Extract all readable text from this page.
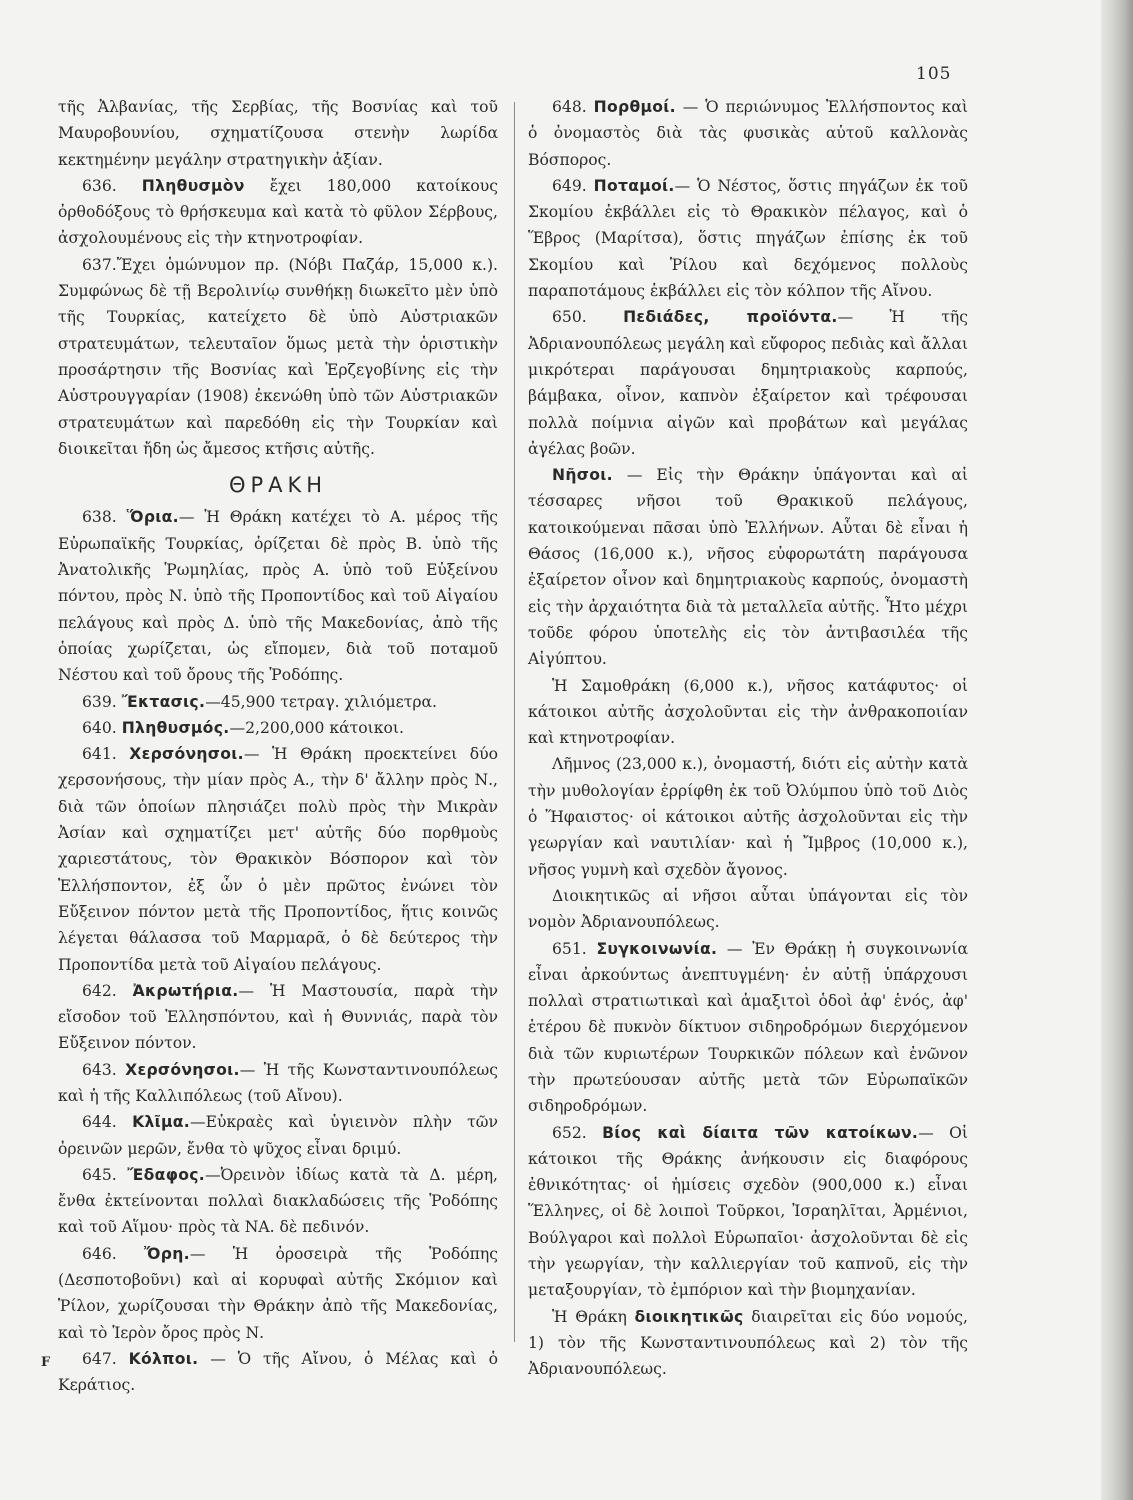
105
F

τῆς Ἀλβανίας, τῆς Σερβίας, τῆς Βοσνίας καὶ τοῦ Μαυροβουνίου, σχηματίζουσα στενὴν λωρίδα κεκτημένην μεγάλην στρατηγικὴν ἀξίαν.

636. Πληθυσμὸν ἔχει 180,000 κατοίκους ὀρθοδόξους τὸ θρήσκευμα καὶ κατὰ τὸ φῦλον Σέρβους, ἀσχολουμένους εἰς τὴν κτηνοτροφίαν.

637.Ἔχει ὁμώνυμον πρ. (Νόβι Παζάρ, 15,000 κ.). Συμφώνως δὲ τῇ Βερολινίῳ συνθήκῃ διωκεῖτο μὲν ὑπὸ τῆς Τουρκίας, κατείχετο δὲ ὑπὸ Αὐστριακῶν στρατευμάτων, τελευταῖον ὅμως μετὰ τὴν ὁριστικὴν προσάρτησιν τῆς Βοσνίας καὶ Ἑρζεγοβίνης εἰς τὴν Αὐστρουγγαρίαν (1908) ἐκενώθη ὑπὸ τῶν Αὐστριακῶν στρατευμάτων καὶ παρεδόθη εἰς τὴν Τουρκίαν καὶ διοικεῖται ἤδη ὡς ἄμεσος κτῆσις αὐτῆς.

ΘΡΑΚΗ

638. Ὅρια.— Ἡ Θράκη κατέχει τὸ Α. μέρος τῆς Εὐρωπαϊκῆς Τουρκίας, ὁρίζεται δὲ πρὸς Β. ὑπὸ τῆς Ἀνατολικῆς Ῥωμηλίας, πρὸς Α. ὑπὸ τοῦ Εὐξείνου πόντου, πρὸς Ν. ὑπὸ τῆς Προποντίδος καὶ τοῦ Αἰγαίου πελάγους καὶ πρὸς Δ. ὑπὸ τῆς Μακεδονίας, ἀπὸ τῆς ὁποίας χωρίζεται, ὡς εἴπομεν, διὰ τοῦ ποταμοῦ Νέστου καὶ τοῦ ὄρους τῆς Ῥοδόπης.

639. Ἔκτασις.—45,900 τετραγ. χιλιόμετρα.

640. Πληθυσμός.—2,200,000 κάτοικοι.

641. Χερσόνησοι.— Ἡ Θράκη προεκτείνει δύο χερσονήσους, τὴν μίαν πρὸς Α., τὴν δ' ἄλλην πρὸς Ν., διὰ τῶν ὁποίων πλησιάζει πολὺ πρὸς τὴν Μικρὰν Ἀσίαν καὶ σχηματίζει μετ' αὐτῆς δύο πορθμοὺς χαριεστάτους, τὸν Θρακικὸν Βόσπορον καὶ τὸν Ἑλλήσποντον, ἐξ ὧν ὁ μὲν πρῶτος ἑνώνει τὸν Εὔξεινον πόντον μετὰ τῆς Προποντίδος, ἥτις κοινῶς λέγεται θάλασσα τοῦ Μαρμαρᾶ, ὁ δὲ δεύτερος τὴν Προποντίδα μετὰ τοῦ Αἰγαίου πελάγους.

642. Ἀκρωτήρια.— Ἡ Μαστουσία, παρὰ τὴν εἴσοδον τοῦ Ἑλλησπόντου, καὶ ἡ Θυννιάς, παρὰ τὸν Εὔξεινον πόντον.

643. Χερσόνησοι.— Ἡ τῆς Κωνσταντινουπόλεως καὶ ἡ τῆς Καλλιπόλεως (τοῦ Αἴνου).

644. Κλῖμα.—Εὐκραὲς καὶ ὑγιεινὸν πλὴν τῶν ὀρεινῶν μερῶν, ἔνθα τὸ ψῦχος εἶναι δριμύ.

645. Ἔδαφος.—Ὀρεινὸν ἰδίως κατὰ τὰ Δ. μέρη, ἔνθα ἐκτείνονται πολλαὶ διακλαδώσεις τῆς Ῥοδόπης καὶ τοῦ Αἵμου· πρὸς τὰ ΝΑ. δὲ πεδινόν.

646. Ὄρη.— Ἡ ὀροσειρὰ τῆς Ῥοδόπης (Δεσποτοβοῦνι) καὶ αἱ κορυφαὶ αὐτῆς Σκόμιον καὶ Ῥίλον, χωρίζουσαι τὴν Θράκην ἀπὸ τῆς Μακεδονίας, καὶ τὸ Ἱερὸν ὄρος πρὸς Ν.

647. Κόλποι. — Ὁ τῆς Αἴνου, ὁ Μέλας καὶ ὁ Κεράτιος.

648. Πορθμοί. — Ὁ περιώνυμος Ἑλλήσποντος καὶ ὁ ὀνομαστὸς διὰ τὰς φυσικὰς αὐτοῦ καλλονὰς Βόσπορος.

649. Ποταμοί.— Ὁ Νέστος, ὅστις πηγάζων ἐκ τοῦ Σκομίου ἐκβάλλει εἰς τὸ Θρακικὸν πέλαγος, καὶ ὁ Ἕβρος (Μαρίτσα), ὅστις πηγάζων ἐπίσης ἐκ τοῦ Σκομίου καὶ Ῥίλου καὶ δεχόμενος πολλοὺς παραποτάμους ἐκβάλλει εἰς τὸν κόλπον τῆς Αἴνου.

650. Πεδιάδες, προϊόντα.— Ἡ τῆς Ἀδριανουπόλεως μεγάλη καὶ εὔφορος πεδιὰς καὶ ἄλλαι μικρότεραι παράγουσαι δημητριακοὺς καρπούς, βάμβακα, οἶνον, καπνὸν ἐξαίρετον καὶ τρέφουσαι πολλὰ ποίμνια αἰγῶν καὶ προβάτων καὶ μεγάλας ἀγέλας βοῶν.

Νῆσοι. — Εἰς τὴν Θράκην ὑπάγονται καὶ αἱ τέσσαρες νῆσοι τοῦ Θρακικοῦ πελάγους, κατοικούμεναι πᾶσαι ὑπὸ Ἑλλήνων. Αὗται δὲ εἶναι ἡ Θάσος (16,000 κ.), νῆσος εὐφορωτάτη παράγουσα ἐξαίρετον οἶνον καὶ δημητριακοὺς καρπούς, ὀνομαστὴ εἰς τὴν ἀρχαιότητα διὰ τὰ μεταλλεῖα αὐτῆς. Ἦτο μέχρι τοῦδε φόρου ὑποτελὴς εἰς τὸν ἀντιβασιλέα τῆς Αἰγύπτου.

Ἡ Σαμοθράκη (6,000 κ.), νῆσος κατάφυτος· οἱ κάτοικοι αὐτῆς ἀσχολοῦνται εἰς τὴν ἀνθρακοποιίαν καὶ κτηνοτροφίαν.

Λῆμνος (23,000 κ.), ὀνομαστή, διότι εἰς αὐτὴν κατὰ τὴν μυθολογίαν ἐρρίφθη ἐκ τοῦ Ὀλύμπου ὑπὸ τοῦ Διὸς ὁ Ἥφαιστος· οἱ κάτοικοι αὐτῆς ἀσχολοῦνται εἰς τὴν γεωργίαν καὶ ναυτιλίαν· καὶ ἡ Ἴμβρος (10,000 κ.), νῆσος γυμνὴ καὶ σχεδὸν ἄγονος.

Διοικητικῶς αἱ νῆσοι αὗται ὑπάγονται εἰς τὸν νομὸν Ἀδριανουπόλεως.

651. Συγκοινωνία. — Ἐν Θράκῃ ἡ συγκοινωνία εἶναι ἀρκούντως ἀνεπτυγμένη· ἐν αὐτῇ ὑπάρχουσι πολλαὶ στρατιωτικαὶ καὶ ἁμαξιτοὶ ὁδοὶ ἀφ' ἑνός, ἀφ' ἑτέρου δὲ πυκνὸν δίκτυον σιδηροδρόμων διερχόμενον διὰ τῶν κυριωτέρων Τουρκικῶν πόλεων καὶ ἑνῶνον τὴν πρωτεύουσαν αὐτῆς μετὰ τῶν Εὐρωπαϊκῶν σιδηροδρόμων.

652. Βίος καὶ δίαιτα τῶν κατοίκων.— Οἱ κάτοικοι τῆς Θράκης ἀνήκουσιν εἰς διαφόρους ἐθνικότητας· οἱ ἡμίσεις σχεδὸν (900,000 κ.) εἶναι Ἕλληνες, οἱ δὲ λοιποὶ Τοῦρκοι, Ἰσραηλῖται, Ἀρμένιοι, Βούλγαροι καὶ πολλοὶ Εὐρωπαῖοι· ἀσχολοῦνται δὲ εἰς τὴν γεωργίαν, τὴν καλλιεργίαν τοῦ καπνοῦ, εἰς τὴν μεταξουργίαν, τὸ ἐμπόριον καὶ τὴν βιομηχανίαν.

Ἡ Θράκη διοικητικῶς διαιρεῖται εἰς δύο νομούς, 1) τὸν τῆς Κωνσταντινουπόλεως καὶ 2) τὸν τῆς Ἀδριανουπόλεως.
